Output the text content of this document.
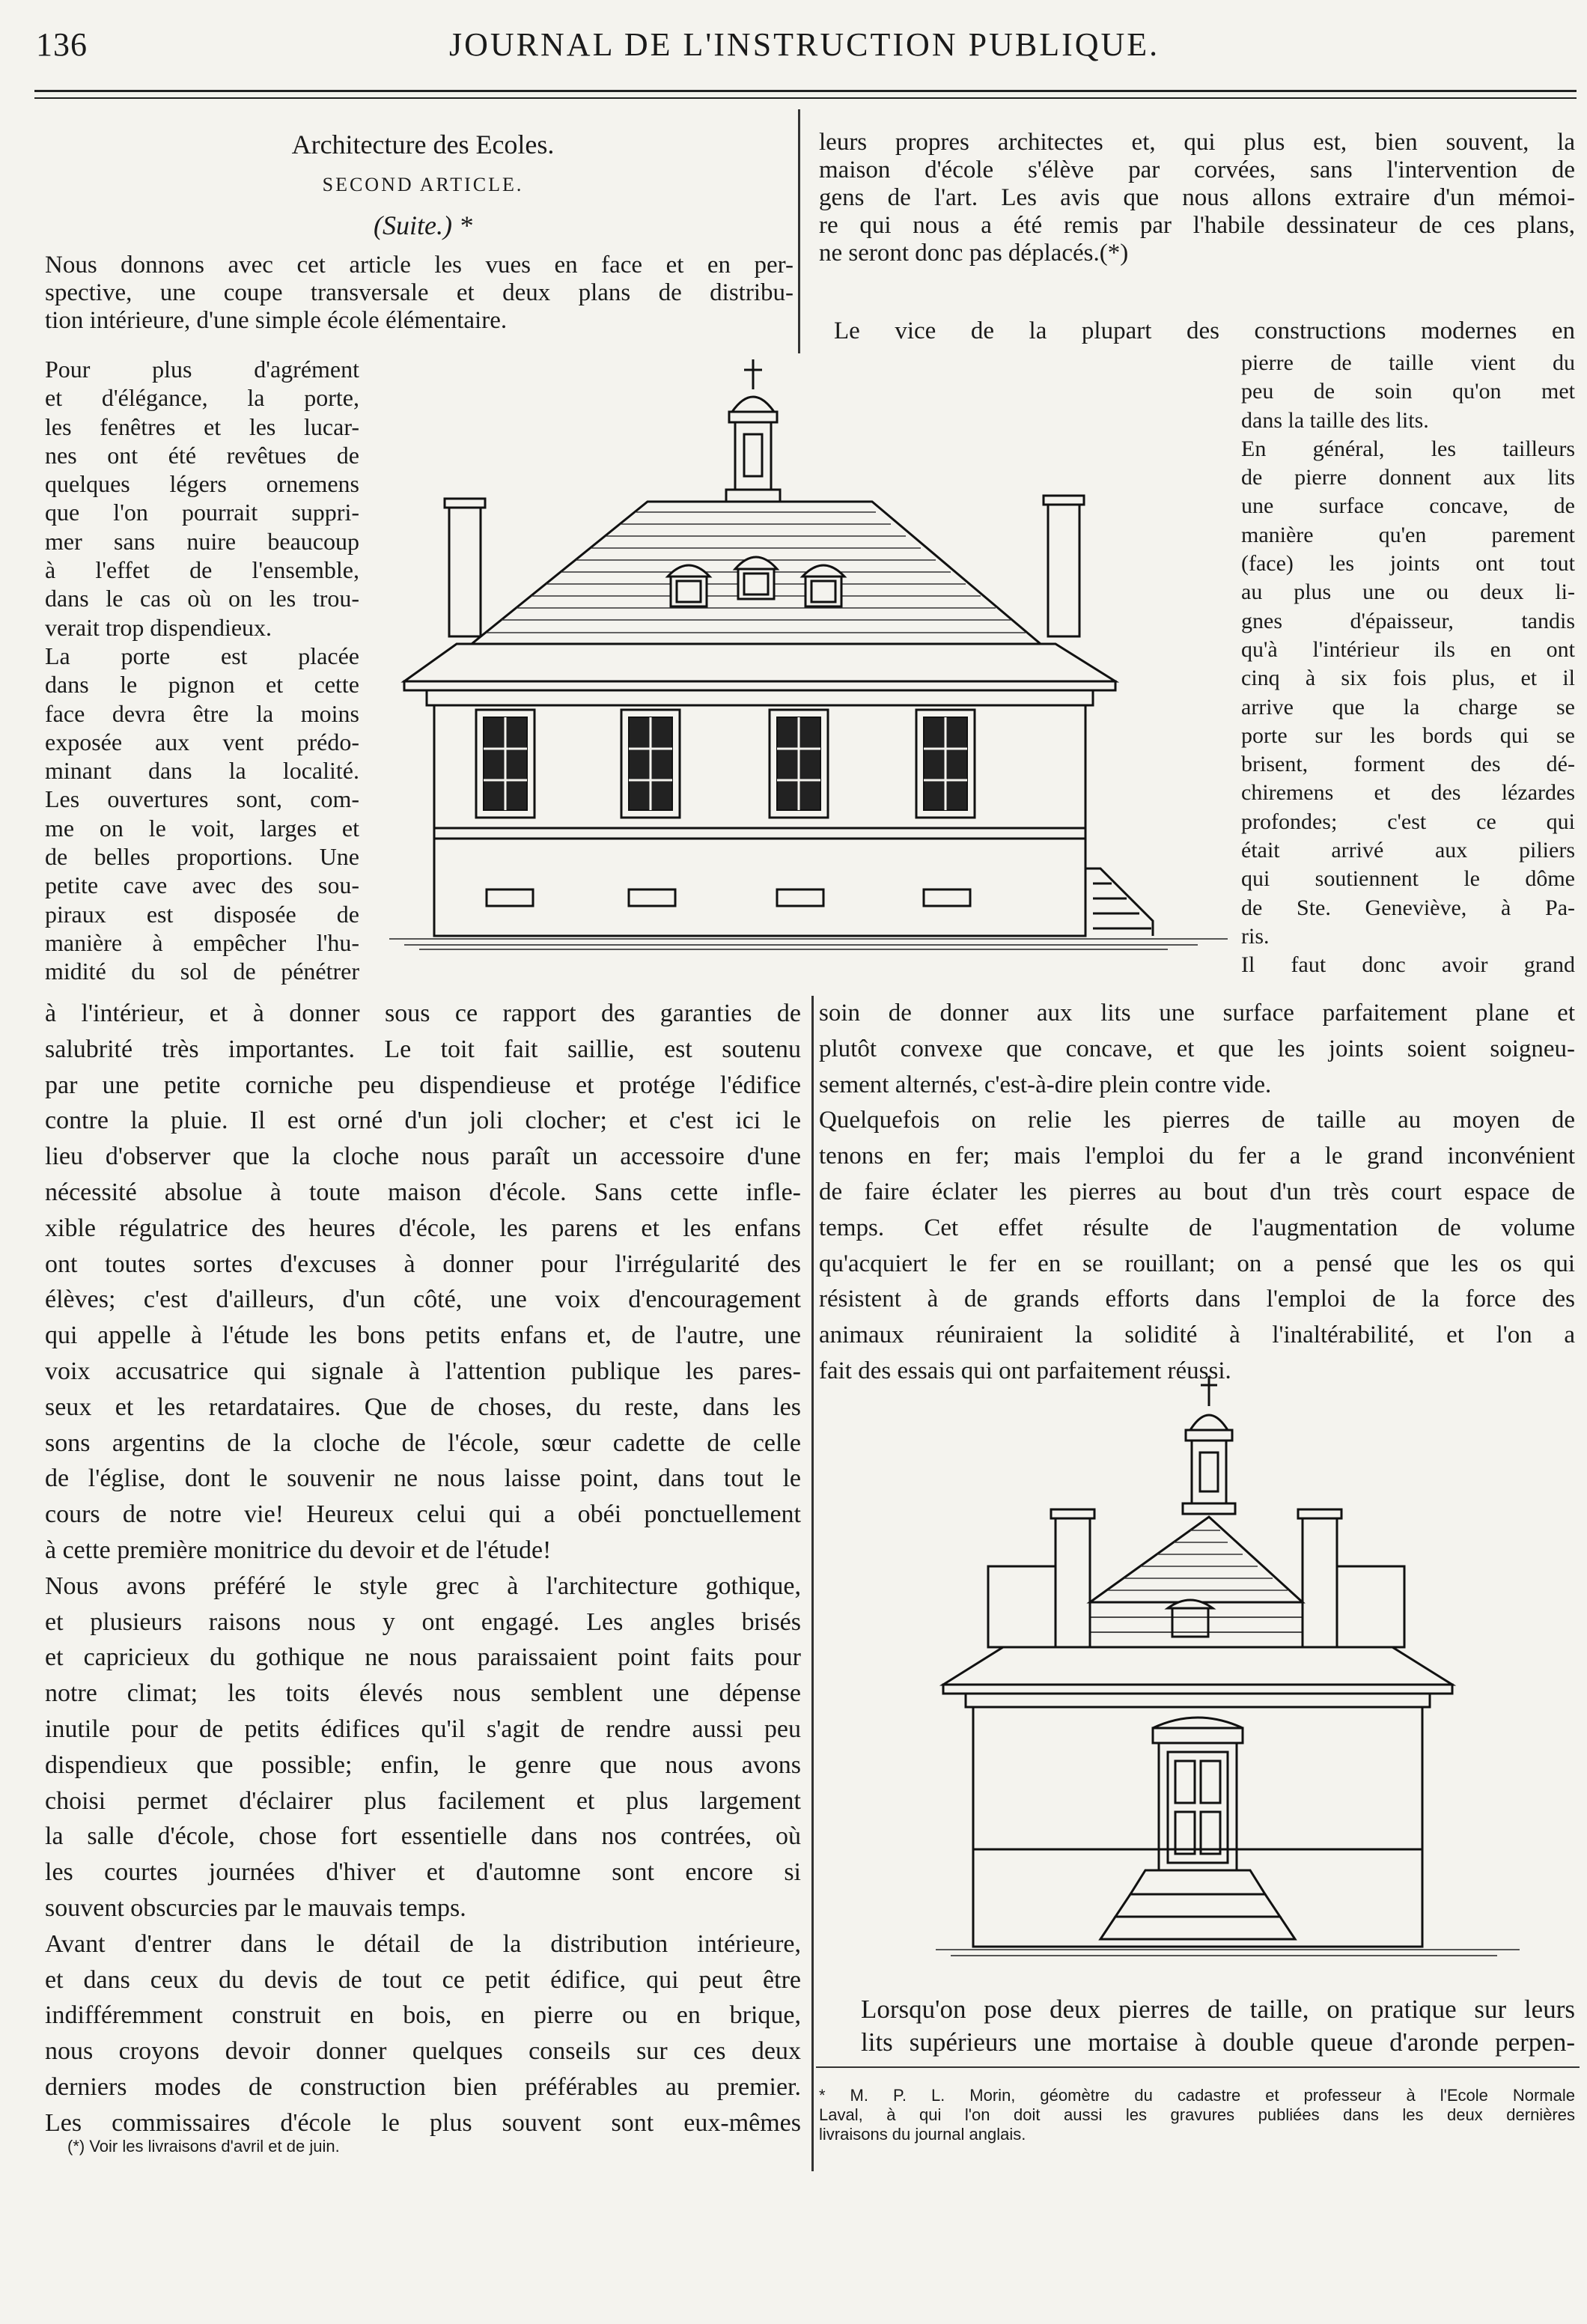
136	JOURNAL DE L'INSTRUCTION PUBLIQUE.
Architecture des Ecoles.
SECOND ARTICLE.
(Suite.) *
Nous donnons avec cet article les vues en face et en per-
spective, une coupe transversale et deux plans de distribu-
tion intérieure, d'une simple école élémentaire.
Pour plus d'agrément
et d'élégance, la porte,
les fenêtres et les lucar-
nes ont été revêtues de
quelques légers ornemens
que l'on pourrait suppri-
mer sans nuire beaucoup
à l'effet de l'ensemble,
dans le cas où on les trou-
verait trop dispendieux.
La porte est placée
dans le pignon et cette
face devra être la moins
exposée aux vent prédo-
minant dans la localité.
Les ouvertures sont, com-
me on le voit, larges et
de belles proportions. Une
petite cave avec des sou-
piraux est disposée de
manière à empêcher l'hu-
midité du sol de pénétrer
à l'intérieur, et à donner sous ce rapport des garanties de
salubrité très importantes. Le toit fait saillie, est soutenu
par une petite corniche peu dispendieuse et protége l'édifice
contre la pluie. Il est orné d'un joli clocher; et c'est ici le
lieu d'observer que la cloche nous paraît un accessoire d'une
nécessité absolue à toute maison d'école. Sans cette infle-
xible régulatrice des heures d'école, les parens et les enfans
ont toutes sortes d'excuses à donner pour l'irrégularité des
élèves; c'est d'ailleurs, d'un côté, une voix d'encouragement
qui appelle à l'étude les bons petits enfans et, de l'autre, une
voix accusatrice qui signale à l'attention publique les pares-
seux et les retardataires. Que de choses, du reste, dans les
sons argentins de la cloche de l'école, sœur cadette de celle
de l'église, dont le souvenir ne nous laisse point, dans tout le
cours de notre vie! Heureux celui qui a obéi ponctuellement
à cette première monitrice du devoir et de l'étude!
Nous avons préféré le style grec à l'architecture gothique,
et plusieurs raisons nous y ont engagé. Les angles brisés
et capricieux du gothique ne nous paraissaient point faits pour
notre climat; les toits élevés nous semblent une dépense
inutile pour de petits édifices qu'il s'agit de rendre aussi peu
dispendieux que possible; enfin, le genre que nous avons
choisi permet d'éclairer plus facilement et plus largement
la salle d'école, chose fort essentielle dans nos contrées, où
les courtes journées d'hiver et d'automne sont encore si
souvent obscurcies par le mauvais temps.
Avant d'entrer dans le détail de la distribution intérieure,
et dans ceux du devis de tout ce petit édifice, qui peut être
indifféremment construit en bois, en pierre ou en brique,
nous croyons devoir donner quelques conseils sur ces deux
derniers modes de construction bien préférables au premier.
Les commissaires d'école le plus souvent sont eux-mêmes
(*) Voir les livraisons d'avril et de juin.
leurs propres architectes et, qui plus est, bien souvent, la
maison d'école s'élève par corvées, sans l'intervention de
gens de l'art. Les avis que nous allons extraire d'un mémoi-
re qui nous a été remis par l'habile dessinateur de ces plans,
ne seront donc pas déplacés.(*)
Le vice de la plupart des constructions modernes en
pierre de taille vient du
peu de soin qu'on met
dans la taille des lits.
En général, les tailleurs
de pierre donnent aux lits
une surface concave, de
manière qu'en parement
(face) les joints ont tout
au plus une ou deux li-
gnes d'épaisseur, tandis
qu'à l'intérieur ils en ont
cinq à six fois plus, et il
arrive que la charge se
porte sur les bords qui se
brisent, forment des dé-
chiremens et des lézardes
profondes; c'est ce qui
était arrivé aux piliers
qui soutiennent le dôme
de Ste. Geneviève, à Pa-
ris.
Il faut donc avoir grand
soin de donner aux lits une surface parfaitement plane et
plutôt convexe que concave, et que les joints soient soigneu-
sement alternés, c'est-à-dire plein contre vide.
Quelquefois on relie les pierres de taille au moyen de
tenons en fer; mais l'emploi du fer a le grand inconvénient
de faire éclater les pierres au bout d'un très court espace de
temps. Cet effet résulte de l'augmentation de volume
qu'acquiert le fer en se rouillant; on a pensé que les os qui
résistent à de grands efforts dans l'emploi de la force des
animaux réuniraient la solidité à l'inaltérabilité, et l'on a
fait des essais qui ont parfaitement réussi.
Lorsqu'on pose deux pierres de taille, on pratique sur leurs
lits supérieurs une mortaise à double queue d'aronde perpen-
* M. P. L. Morin, géomètre du cadastre et professeur à l'Ecole Normale
Laval, à qui l'on doit aussi les gravures publiées dans les deux dernières
livraisons du journal anglais.
